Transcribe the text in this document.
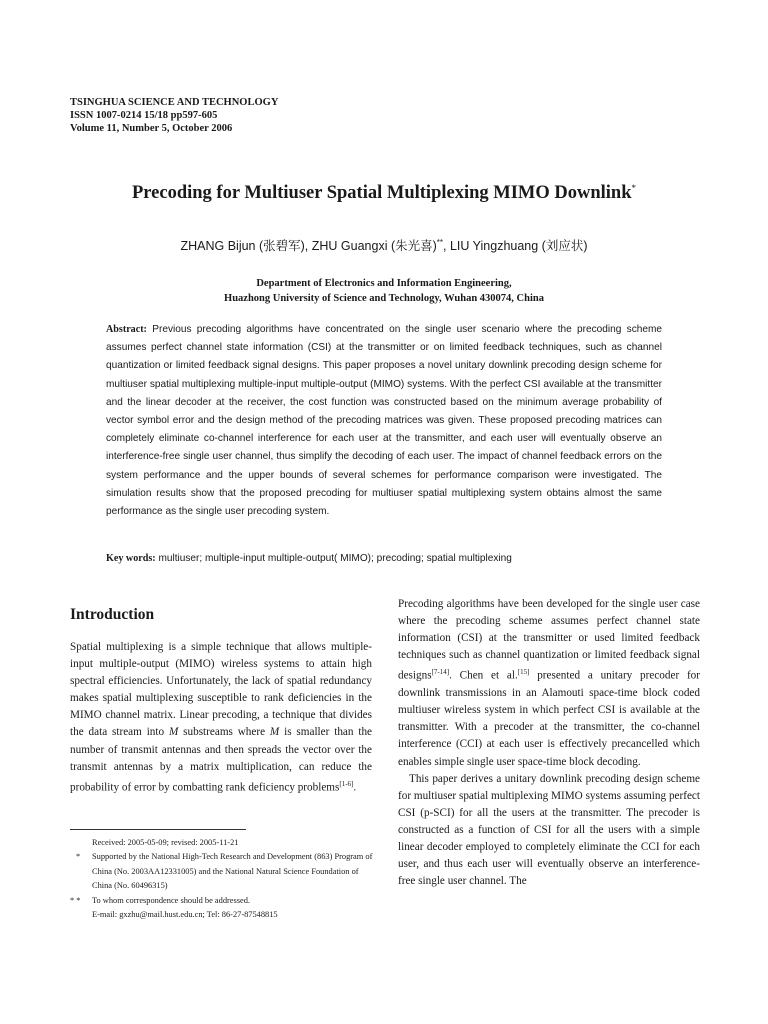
TSINGHUA SCIENCE AND TECHNOLOGY
ISSN 1007-0214 15/18 pp597-605
Volume 11, Number 5, October 2006
Precoding for Multiuser Spatial Multiplexing MIMO Downlink*
ZHANG Bijun (张碧军), ZHU Guangxi (朱光喜)**, LIU Yingzhuang (刘应状)
Department of Electronics and Information Engineering,
Huazhong University of Science and Technology, Wuhan 430074, China
Abstract: Previous precoding algorithms have concentrated on the single user scenario where the precoding scheme assumes perfect channel state information (CSI) at the transmitter or on limited feedback techniques, such as channel quantization or limited feedback signal designs. This paper proposes a novel unitary downlink precoding design scheme for multiuser spatial multiplexing multiple-input multiple-output (MIMO) systems. With the perfect CSI available at the transmitter and the linear decoder at the receiver, the cost function was constructed based on the minimum average probability of vector symbol error and the design method of the precoding matrices was given. These proposed precoding matrices can completely eliminate co-channel interference for each user at the transmitter, and each user will eventually observe an interference-free single user channel, thus simplify the decoding of each user. The impact of channel feedback errors on the system performance and the upper bounds of several schemes for performance comparison were investigated. The simulation results show that the proposed precoding for multiuser spatial multiplexing system obtains almost the same performance as the single user precoding system.
Key words: multiuser; multiple-input multiple-output( MIMO); precoding; spatial multiplexing
Introduction

Spatial multiplexing is a simple technique that allows multiple-input multiple-output (MIMO) wireless systems to attain high spectral efficiencies. Unfortunately, the lack of spatial redundancy makes spatial multiplexing susceptible to rank deficiencies in the MIMO channel matrix. Linear precoding, a technique that divides the data stream into M substreams where M is smaller than the number of transmit antennas and then spreads the vector over the transmit antennas by a matrix multiplication, can reduce the probability of error by combatting rank deficiency problems[1-6].

Precoding algorithms have been developed for the single user case where the precoding scheme assumes perfect channel state information (CSI) at the transmitter or used limited feedback techniques such as channel quantization or limited feedback signal designs[7-14]. Chen et al.[15] presented a unitary precoder for downlink transmissions in an Alamouti space-time block coded multiuser wireless system in which perfect CSI is available at the transmitter. With a precoder at the transmitter, the co-channel interference (CCI) at each user is effectively precancelled which enables simple single user space-time block decoding.

This paper derives a unitary downlink precoding design scheme for multiuser spatial multiplexing MIMO systems assuming perfect CSI (p-SCI) for all the users at the transmitter. The precoder is constructed as a function of CSI for all the users with a simple linear decoder employed to completely eliminate the CCI for each user, and thus each user will eventually observe an interference-free single user channel. The

Received: 2005-05-09; revised: 2005-11-21
* Supported by the National High-Tech Research and Development (863) Program of China (No. 2003AA12331005) and the National Natural Science Foundation of China (No. 60496315)
* * To whom correspondence should be addressed.
E-mail: gxzhu@mail.hust.edu.cn; Tel: 86-27-87548815
